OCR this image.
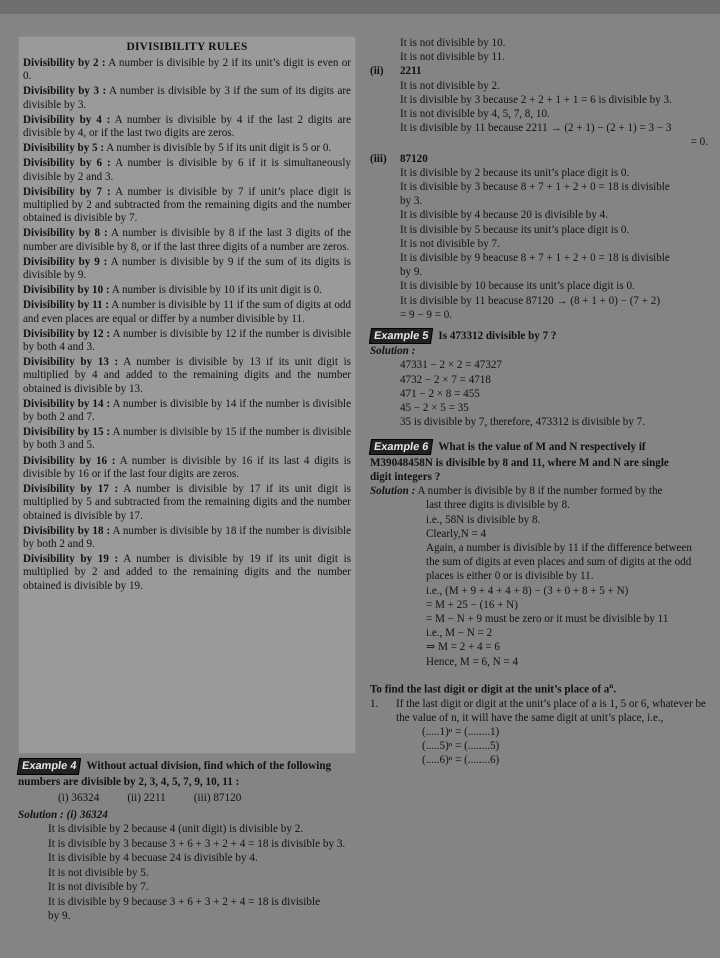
DIVISIBILITY RULES
Divisibility by 2 : A number is divisible by 2 if its unit’s digit is even or 0.
Divisibility by 3 : A number is divisible by 3 if the sum of its digits are divisible by 3.
Divisibility by 4 : A number is divisible by 4 if the last 2 digits are divisible by 4, or if the last two digits are zeros.
Divisibility by 5 : A number is divisible by 5 if its unit digit is 5 or 0.
Divisibility by 6 : A number is divisible by 6 if it is simultaneously divisible by 2 and 3.
Divisibility by 7 : A number is divisible by 7 if unit’s place digit is multiplied by 2 and subtracted from the remaining digits and the number obtained is divisible by 7.
Divisibility by 8 : A number is divisible by 8 if the last 3 digits of the number are divisible by 8, or if the last three digits of a number are zeros.
Divisibility by 9 : A number is divisible by 9 if the sum of its digits is divisible by 9.
Divisibility by 10 : A number is divisible by 10 if its unit digit is 0.
Divisibility by 11 : A number is divisible by 11 if the sum of digits at odd and even places are equal or differ by a number divisible by 11.
Divisibility by 12 : A number is divisible by 12 if the number is divisible by both 4 and 3.
Divisibility by 13 : A number is divisible by 13 if its unit digit is multiplied by 4 and added to the remaining digits and the number obtained is divisible by 13.
Divisibility by 14 : A number is divisible by 14 if the number is divisible by both 2 and 7.
Divisibility by 15 : A number is divisible by 15 if the number is divisible by both 3 and 5.
Divisibility by 16 : A number is divisible by 16 if its last 4 digits is divisible by 16 or if the last four digits are zeros.
Divisibility by 17 : A number is divisible by 17 if its unit digit is multiplied by 5 and subtracted from the remaining digits and the number obtained is divisible by 17.
Divisibility by 18 : A number is divisible by 18 if the number is divisible by both 2 and 9.
Divisibility by 19 : A number is divisible by 19 if its unit digit is multiplied by 2 and added to the remaining digits and the number obtained is divisible by 19.
Example 4 Without actual division, find which of the following
numbers are divisible by 2, 3, 4, 5, 7, 9, 10, 11 :
(i) 36324	(ii) 2211	(iii) 87120
Solution : (i) 36324
It is divisible by 2 because 4 (unit digit) is divisible by 2.
It is divisible by 3 because 3 + 6 + 3 + 2 + 4 = 18 is divisible by 3.
It is divisible by 4 becuase 24 is divisible by 4.
It is not divisible by 5.
It is not divisible by 7.
It is divisible by 9 because 3 + 6 + 3 + 2 + 4 = 18 is divisible
by 9.
It is not divisible by 10.
It is not divisible by 11.
(ii) 2211
It is not divisible by 2.
It is divisible by 3 because 2 + 2 + 1 + 1 = 6 is divisible by 3.
It is not divisible by 4, 5, 7, 8, 10.
It is divisible by 11 because 2211 → (2 + 1) − (2 + 1) = 3 − 3
= 0.
(iii) 87120
It is divisible by 2 because its unit’s place digit is 0.
It is divisible by 3 because 8 + 7 + 1 + 2 + 0 = 18 is divisible
by 3.
It is divisible by 4 because 20 is divisible by 4.
It is divisible by 5 because its unit’s place digit is 0.
It is not divisible by 7.
It is divisible by 9 beacuse 8 + 7 + 1 + 2 + 0 = 18 is divisible
by 9.
It is divisible by 10 because its unit’s place digit is 0.
It is divisible by 11 beacuse 87120 → (8 + 1 + 0) − (7 + 2)
= 9 − 9 = 0.
Example 5 Is 473312 divisible by 7 ?
Solution :
47331 − 2 × 2 = 47327
4732 − 2 × 7 = 4718
471 − 2 × 8 = 455
45 − 2 × 5 = 35
35 is divisible by 7, therefore, 473312 is divisible by 7.
Example 6 What is the value of M and N respectively if
M39048458N is divisible by 8 and 11, where M and N are single
digit integers ?
Solution : A number is divisible by 8 if the number formed by the
last three digits is divisible by 8.
i.e., 58N is divisible by 8.
Clearly,N = 4
Again, a number is divisible by 11 if the difference between the sum of digits at even places and sum of digits at the odd places is either 0 or is divisible by 11.
i.e., (M + 9 + 4 + 4 + 8) − (3 + 0 + 8 + 5 + N)
= M + 25 − (16 + N)
= M − N + 9 must be zero or it must be divisible by 11
i.e., M − N = 2
⇒ M = 2 + 4 = 6
Hence, M = 6, N = 4
To find the last digit or digit at the unit’s place of $a^n$.
1.	If the last digit or digit at the unit’s place of a is 1, 5 or 6, whatever be the value of n, it will have the same digit at unit’s place, i.e.,
(.....1)ⁿ = (........1)
(.....5)ⁿ = (........5)
(.....6)ⁿ = (........6)
